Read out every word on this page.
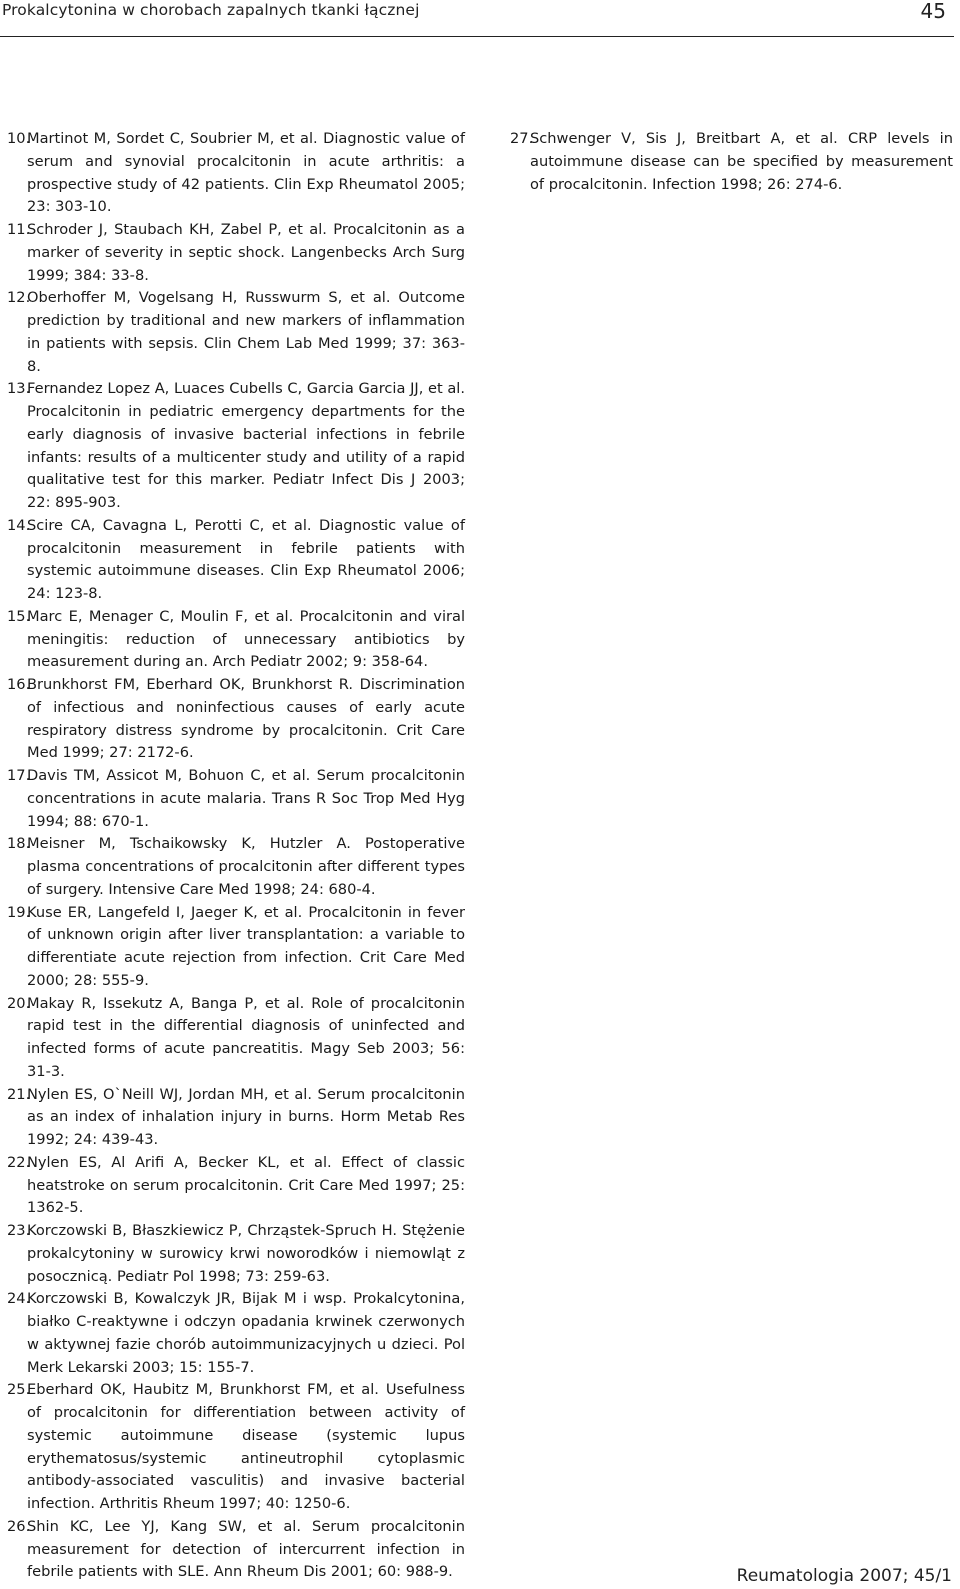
Prokalcytonina w chorobach zapalnych tkanki łącznej	45

10.Martinot M, Sordet C, Soubrier M, et al. Diagnostic value of serum and synovial procalcitonin in acute arthritis: a prospective study of 42 patients. Clin Exp Rheumatol 2005; 23: 303-10.

11.Schroder J, Staubach KH, Zabel P, et al. Procalcitonin as a marker of severity in septic shock. Langenbecks Arch Surg 1999; 384: 33-8.

12.Oberhoffer M, Vogelsang H, Russwurm S, et al. Outcome prediction by traditional and new markers of inflammation in patients with sepsis. Clin Chem Lab Med 1999; 37: 363-8.

13.Fernandez Lopez A, Luaces Cubells C, Garcia Garcia JJ, et al. Procalcitonin in pediatric emergency departments for the early diagnosis of invasive bacterial infections in febrile infants: results of a multicenter study and utility of a rapid qualitative test for this marker. Pediatr Infect Dis J 2003; 22: 895-903.

14.Scire CA, Cavagna L, Perotti C, et al. Diagnostic value of procalcitonin measurement in febrile patients with systemic autoimmune diseases. Clin Exp Rheumatol 2006; 24: 123-8.

15.Marc E, Menager C, Moulin F, et al. Procalcitonin and viral meningitis: reduction of unnecessary antibiotics by measurement during an. Arch Pediatr 2002; 9: 358-64.

16.Brunkhorst FM, Eberhard OK, Brunkhorst R. Discrimination of infectious and noninfectious causes of early acute respiratory distress syndrome by procalcitonin. Crit Care Med 1999; 27: 2172-6.

17.Davis TM, Assicot M, Bohuon C, et al. Serum procalcitonin concentrations in acute malaria. Trans R Soc Trop Med Hyg 1994; 88: 670-1.

18.Meisner M, Tschaikowsky K, Hutzler A. Postoperative plasma concentrations of procalcitonin after different types of surgery. Intensive Care Med 1998; 24: 680-4.

19.Kuse ER, Langefeld I, Jaeger K, et al. Procalcitonin in fever of unknown origin after liver transplantation: a variable to differentiate acute rejection from infection. Crit Care Med 2000; 28: 555-9.

20.Makay R, Issekutz A, Banga P, et al. Role of procalcitonin rapid test in the differential diagnosis of uninfected and infected forms of acute pancreatitis. Magy Seb 2003; 56: 31-3.

21.Nylen ES, O`Neill WJ, Jordan MH, et al. Serum procalcitonin as an index of inhalation injury in burns. Horm Metab Res 1992; 24: 439-43.

22.Nylen ES, Al Arifi A, Becker KL, et al. Effect of classic heatstroke on serum procalcitonin. Crit Care Med 1997; 25: 1362-5.

23.Korczowski B, Błaszkiewicz P, Chrząstek-Spruch H. Stężenie prokalcytoniny w surowicy krwi noworodków i niemowląt z posocznicą. Pediatr Pol 1998; 73: 259-63.

24.Korczowski B, Kowalczyk JR, Bijak M i wsp. Prokalcytonina, białko C-reaktywne i odczyn opadania krwinek czerwonych w aktywnej fazie chorób autoimmunizacyjnych u dzieci. Pol Merk Lekarski 2003; 15: 155-7.

25.Eberhard OK, Haubitz M, Brunkhorst FM, et al. Usefulness of procalcitonin for differentiation between activity of systemic autoimmune disease (systemic lupus erythematosus/systemic antineutrophil cytoplasmic antibody-associated vasculitis) and invasive bacterial infection. Arthritis Rheum 1997; 40: 1250-6.

26.Shin KC, Lee YJ, Kang SW, et al. Serum procalcitonin measurement for detection of intercurrent infection in febrile patients with SLE. Ann Rheum Dis 2001; 60: 988-9.

27.Schwenger V, Sis J, Breitbart A, et al. CRP levels in autoimmune disease can be specified by measurement of procalcitonin. Infection 1998; 26: 274-6.

Reumatologia 2007; 45/1
